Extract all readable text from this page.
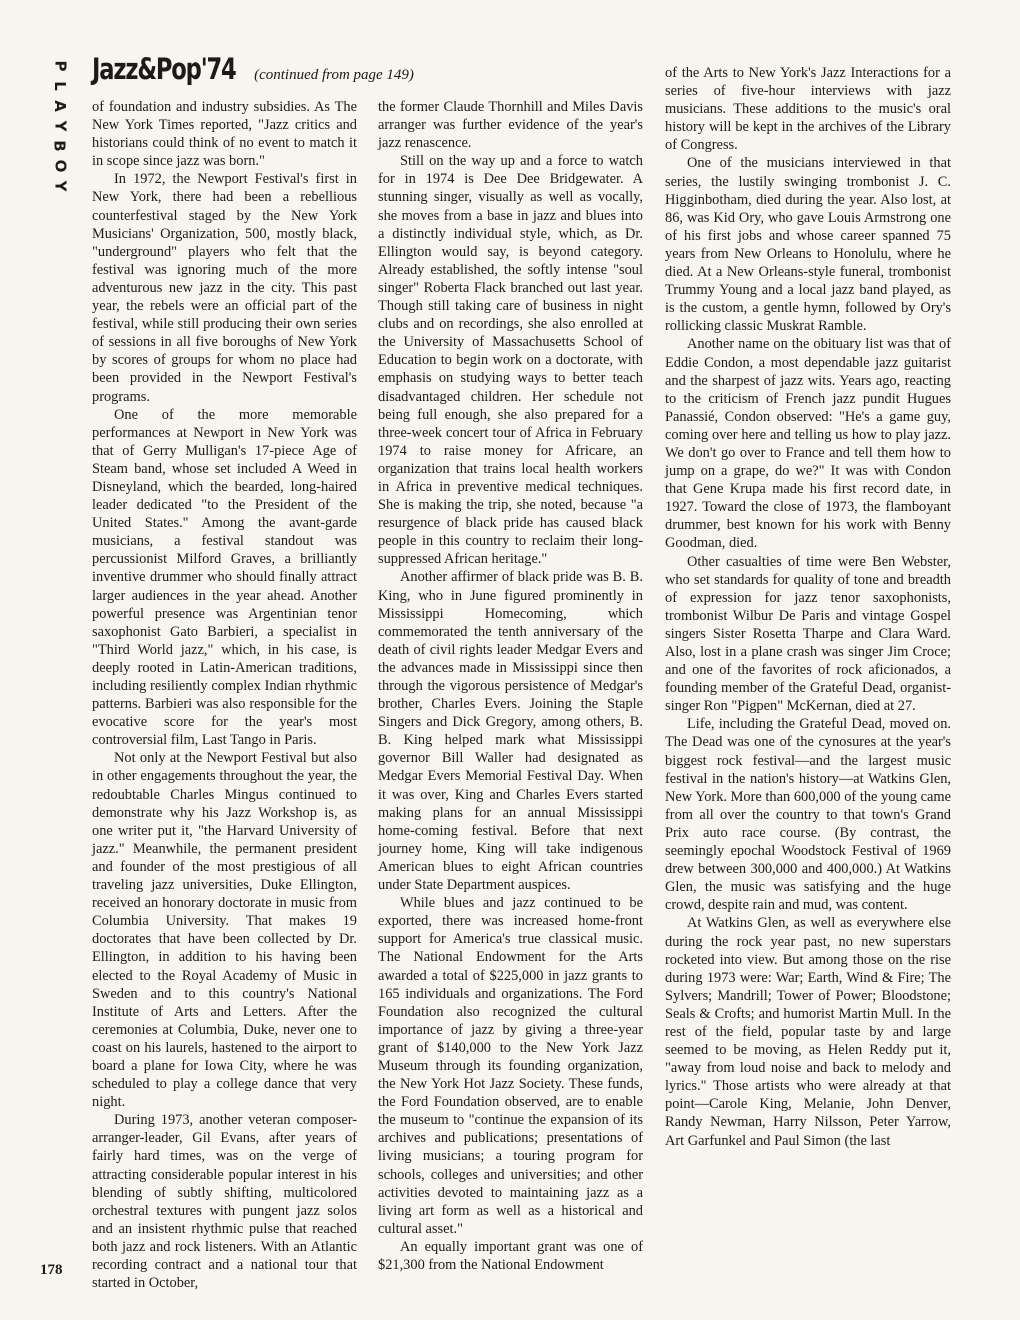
P
L
A
Y
B
O
Y
Jazz&Pop'74 (continued from page 149)

of foundation and industry subsidies. As The New York Times reported, "Jazz critics and historians could think of no event to match it in scope since jazz was born."

In 1972, the Newport Festival's first in New York, there had been a rebellious counterfestival staged by the New York Musicians' Organization, 500, mostly black, "underground" players who felt that the festival was ignoring much of the more adventurous new jazz in the city. This past year, the rebels were an official part of the festival, while still producing their own series of sessions in all five boroughs of New York by scores of groups for whom no place had been provided in the Newport Festival's programs.

One of the more memorable performances at Newport in New York was that of Gerry Mulligan's 17-piece Age of Steam band, whose set included A Weed in Disneyland, which the bearded, long-haired leader dedicated "to the President of the United States." Among the avant-garde musicians, a festival standout was percussionist Milford Graves, a brilliantly inventive drummer who should finally attract larger audiences in the year ahead. Another powerful presence was Argentinian tenor saxophonist Gato Barbieri, a specialist in "Third World jazz," which, in his case, is deeply rooted in Latin-American traditions, including resiliently complex Indian rhythmic patterns. Barbieri was also responsible for the evocative score for the year's most controversial film, Last Tango in Paris.

Not only at the Newport Festival but also in other engagements throughout the year, the redoubtable Charles Mingus continued to demonstrate why his Jazz Workshop is, as one writer put it, "the Harvard University of jazz." Meanwhile, the permanent president and founder of the most prestigious of all traveling jazz universities, Duke Ellington, received an honorary doctorate in music from Columbia University. That makes 19 doctorates that have been collected by Dr. Ellington, in addition to his having been elected to the Royal Academy of Music in Sweden and to this country's National Institute of Arts and Letters. After the ceremonies at Columbia, Duke, never one to coast on his laurels, hastened to the airport to board a plane for Iowa City, where he was scheduled to play a college dance that very night.

During 1973, another veteran composer-arranger-leader, Gil Evans, after years of fairly hard times, was on the verge of attracting considerable popular interest in his blending of subtly shifting, multicolored orchestral textures with pungent jazz solos and an insistent rhythmic pulse that reached both jazz and rock listeners. With an Atlantic recording contract and a national tour that started in October,

the former Claude Thornhill and Miles Davis arranger was further evidence of the year's jazz renascence.

Still on the way up and a force to watch for in 1974 is Dee Dee Bridgewater. A stunning singer, visually as well as vocally, she moves from a base in jazz and blues into a distinctly individual style, which, as Dr. Ellington would say, is beyond category. Already established, the softly intense "soul singer" Roberta Flack branched out last year. Though still taking care of business in night clubs and on recordings, she also enrolled at the University of Massachusetts School of Education to begin work on a doctorate, with emphasis on studying ways to better teach disadvantaged children. Her schedule not being full enough, she also prepared for a three-week concert tour of Africa in February 1974 to raise money for Africare, an organization that trains local health workers in Africa in preventive medical techniques. She is making the trip, she noted, because "a resurgence of black pride has caused black people in this country to reclaim their long-suppressed African heritage."

Another affirmer of black pride was B. B. King, who in June figured prominently in Mississippi Homecoming, which commemorated the tenth anniversary of the death of civil rights leader Medgar Evers and the advances made in Mississippi since then through the vigorous persistence of Medgar's brother, Charles Evers. Joining the Staple Singers and Dick Gregory, among others, B. B. King helped mark what Mississippi governor Bill Waller had designated as Medgar Evers Memorial Festival Day. When it was over, King and Charles Evers started making plans for an annual Mississippi home-coming festival. Before that next journey home, King will take indigenous American blues to eight African countries under State Department auspices.

While blues and jazz continued to be exported, there was increased home-front support for America's true classical music. The National Endowment for the Arts awarded a total of $225,000 in jazz grants to 165 individuals and organizations. The Ford Foundation also recognized the cultural importance of jazz by giving a three-year grant of $140,000 to the New York Jazz Museum through its founding organization, the New York Hot Jazz Society. These funds, the Ford Foundation observed, are to enable the museum to "continue the expansion of its archives and publications; presentations of living musicians; a touring program for schools, colleges and universities; and other activities devoted to maintaining jazz as a living art form as well as a historical and cultural asset."

An equally important grant was one of $21,300 from the National Endowment

of the Arts to New York's Jazz Interactions for a series of five-hour interviews with jazz musicians. These additions to the music's oral history will be kept in the archives of the Library of Congress.

One of the musicians interviewed in that series, the lustily swinging trombonist J. C. Higginbotham, died during the year. Also lost, at 86, was Kid Ory, who gave Louis Armstrong one of his first jobs and whose career spanned 75 years from New Orleans to Honolulu, where he died. At a New Orleans-style funeral, trombonist Trummy Young and a local jazz band played, as is the custom, a gentle hymn, followed by Ory's rollicking classic Muskrat Ramble.

Another name on the obituary list was that of Eddie Condon, a most dependable jazz guitarist and the sharpest of jazz wits. Years ago, reacting to the criticism of French jazz pundit Hugues Panassié, Condon observed: "He's a game guy, coming over here and telling us how to play jazz. We don't go over to France and tell them how to jump on a grape, do we?" It was with Condon that Gene Krupa made his first record date, in 1927. Toward the close of 1973, the flamboyant drummer, best known for his work with Benny Goodman, died.

Other casualties of time were Ben Webster, who set standards for quality of tone and breadth of expression for jazz tenor saxophonists, trombonist Wilbur De Paris and vintage Gospel singers Sister Rosetta Tharpe and Clara Ward. Also, lost in a plane crash was singer Jim Croce; and one of the favorites of rock aficionados, a founding member of the Grateful Dead, organist-singer Ron "Pigpen" McKernan, died at 27.

Life, including the Grateful Dead, moved on. The Dead was one of the cynosures at the year's biggest rock festival—and the largest music festival in the nation's history—at Watkins Glen, New York. More than 600,000 of the young came from all over the country to that town's Grand Prix auto race course. (By contrast, the seemingly epochal Woodstock Festival of 1969 drew between 300,000 and 400,000.) At Watkins Glen, the music was satisfying and the huge crowd, despite rain and mud, was content.

At Watkins Glen, as well as everywhere else during the rock year past, no new superstars rocketed into view. But among those on the rise during 1973 were: War; Earth, Wind & Fire; The Sylvers; Mandrill; Tower of Power; Bloodstone; Seals & Crofts; and humorist Martin Mull. In the rest of the field, popular taste by and large seemed to be moving, as Helen Reddy put it, "away from loud noise and back to melody and lyrics." Those artists who were already at that point—Carole King, Melanie, John Denver, Randy Newman, Harry Nilsson, Peter Yarrow, Art Garfunkel and Paul Simon (the last

178
